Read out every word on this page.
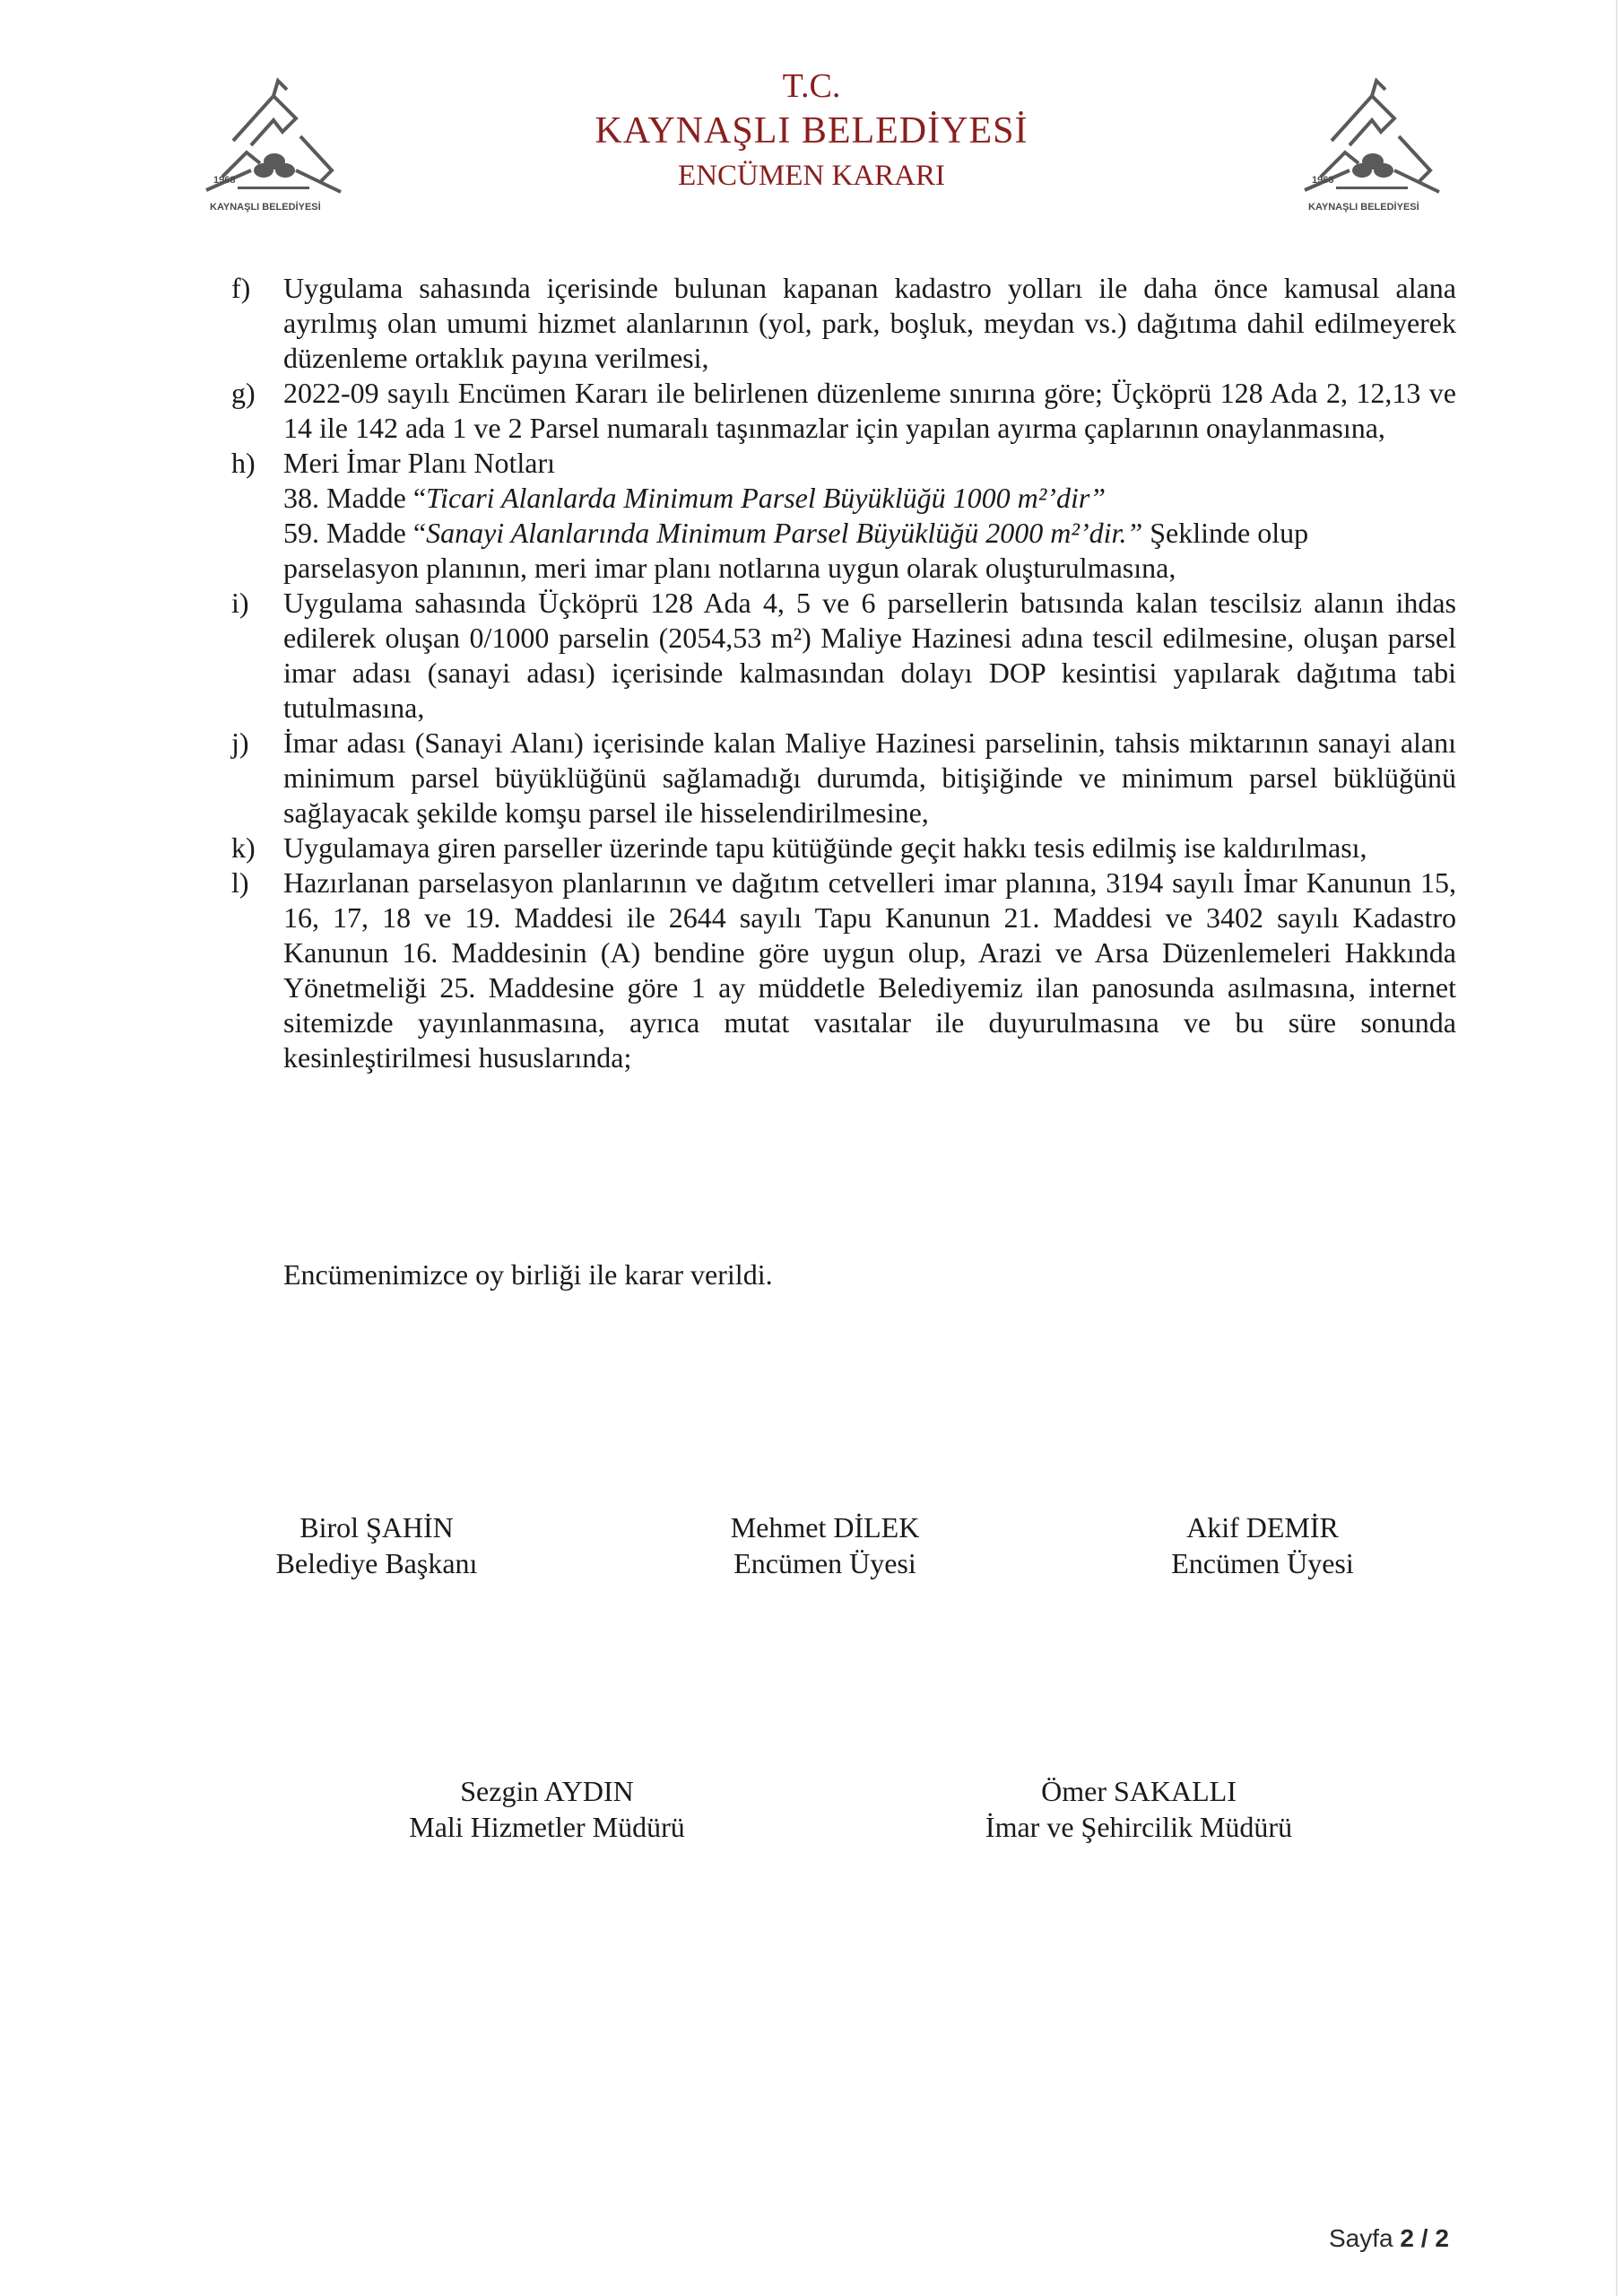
1968
KAYNAŞLI BELEDİYESİ
1968
KAYNAŞLI BELEDİYESİ
T.C.
KAYNAŞLI BELEDİYESİ
ENCÜMEN KARARI
f) Uygulama sahasında içerisinde bulunan kapanan kadastro yolları ile daha önce kamusal alana ayrılmış olan umumi hizmet alanlarının (yol, park, boşluk, meydan vs.) dağıtıma dahil edilmeyerek düzenleme ortaklık payına verilmesi,
g) 2022-09 sayılı Encümen Kararı ile belirlenen düzenleme sınırına göre; Üçköprü 128 Ada 2, 12,13 ve 14 ile 142 ada 1 ve 2 Parsel numaralı taşınmazlar için yapılan ayırma çaplarının onaylanmasına,
h) Meri İmar Planı Notları
38. Madde “Ticari Alanlarda Minimum Parsel Büyüklüğü 1000 m²’dir”
59. Madde “Sanayi Alanlarında Minimum Parsel Büyüklüğü 2000 m²’dir.” Şeklinde olup
parselasyon planının, meri imar planı notlarına uygun olarak oluşturulmasına,
i) Uygulama sahasında Üçköprü 128 Ada 4, 5 ve 6 parsellerin batısında kalan tescilsiz alanın ihdas edilerek oluşan 0/1000 parselin (2054,53 m²) Maliye Hazinesi adına tescil edilmesine, oluşan parsel imar adası (sanayi adası) içerisinde kalmasından dolayı DOP kesintisi yapılarak dağıtıma tabi tutulmasına,
j) İmar adası (Sanayi Alanı) içerisinde kalan Maliye Hazinesi parselinin, tahsis miktarının sanayi alanı minimum parsel büyüklüğünü sağlamadığı durumda, bitişiğinde ve minimum parsel büklüğünü sağlayacak şekilde komşu parsel ile hisselendirilmesine,
k) Uygulamaya giren parseller üzerinde tapu kütüğünde geçit hakkı tesis edilmiş ise kaldırılması,
l) Hazırlanan parselasyon planlarının ve dağıtım cetvelleri imar planına, 3194 sayılı İmar Kanunun 15, 16, 17, 18 ve 19. Maddesi ile 2644 sayılı Tapu Kanunun 21. Maddesi ve 3402 sayılı Kadastro Kanunun 16. Maddesinin (A) bendine göre uygun olup, Arazi ve Arsa Düzenlemeleri Hakkında Yönetmeliği 25. Maddesine göre 1 ay müddetle Belediyemiz ilan panosunda asılmasına, internet sitemizde yayınlanmasına, ayrıca mutat vasıtalar ile duyurulmasına ve bu süre sonunda kesinleştirilmesi hususlarında;
Encümenimizce oy birliği ile karar verildi.
Birol ŞAHİN
Belediye Başkanı
Mehmet DİLEK
Encümen Üyesi
Akif DEMİR
Encümen Üyesi
Sezgin AYDIN
Mali Hizmetler Müdürü
Ömer SAKALLI
İmar ve Şehircilik Müdürü
Sayfa 2 / 2
